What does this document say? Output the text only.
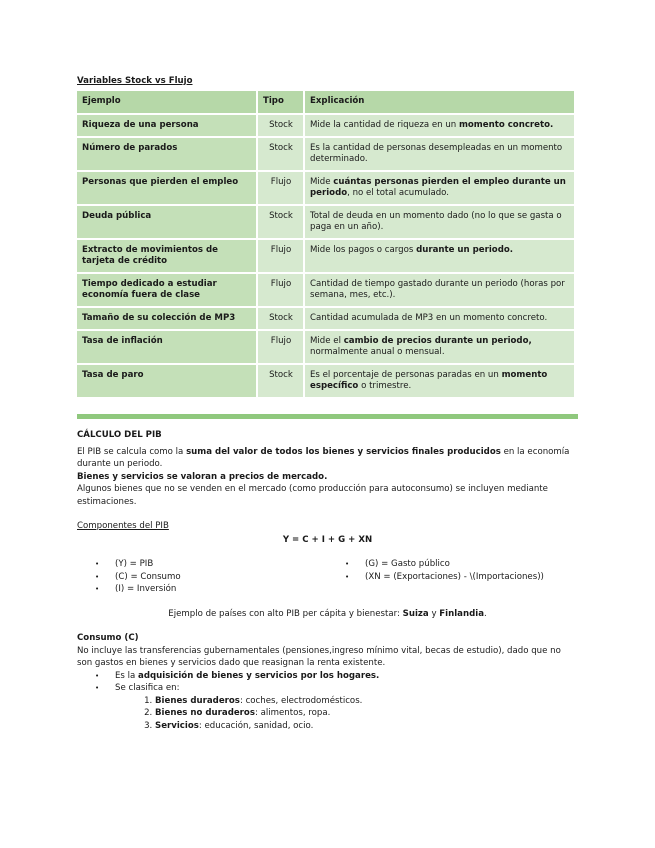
Variables Stock vs Flujo
Ejemplo	Tipo	Explicación
Riqueza de una persona	Stock	Mide la cantidad de riqueza en un momento concreto.
Número de parados	Stock	Es la cantidad de personas desempleadas en un momento determinado.
Personas que pierden el empleo	Flujo	Mide cuántas personas pierden el empleo durante un periodo, no el total acumulado.
Deuda pública	Stock	Total de deuda en un momento dado (no lo que se gasta o paga en un año).
Extracto de movimientos de tarjeta de crédito	Flujo	Mide los pagos o cargos durante un periodo.
Tiempo dedicado a estudiar economía fuera de clase	Flujo	Cantidad de tiempo gastado durante un periodo (horas por semana, mes, etc.).
Tamaño de su colección de MP3	Stock	Cantidad acumulada de MP3 en un momento concreto.
Tasa de inflación	Flujo	Mide el cambio de precios durante un periodo, normalmente anual o mensual.
Tasa de paro	Stock	Es el porcentaje de personas paradas en un momento específico o trimestre.

CÁLCULO DEL PIB

El PIB se calcula como la suma del valor de todos los bienes y servicios finales producidos en la economía durante un periodo.

Bienes y servicios se valoran a precios de mercado.

Algunos bienes que no se venden en el mercado (como producción para autoconsumo) se incluyen mediante estimaciones.

Componentes del PIB

Y = C + I + G + XN

• (Y) = PIB
• (C) = Consumo
• (I) = Inversión
• (G) = Gasto público
• (XN = (Exportaciones) - \(Importaciones))

Ejemplo de países con alto PIB per cápita y bienestar: Suiza y Finlandia.

Consumo (C)

No incluye las transferencias gubernamentales (pensiones,ingreso mínimo vital, becas de estudio), dado que no son gastos en bienes y servicios dado que reasignan la renta existente.

• Es la adquisición de bienes y servicios por los hogares.
• Se clasifica en:
1. Bienes duraderos: coches, electrodomésticos.
2. Bienes no duraderos: alimentos, ropa.
3. Servicios: educación, sanidad, ocio.
